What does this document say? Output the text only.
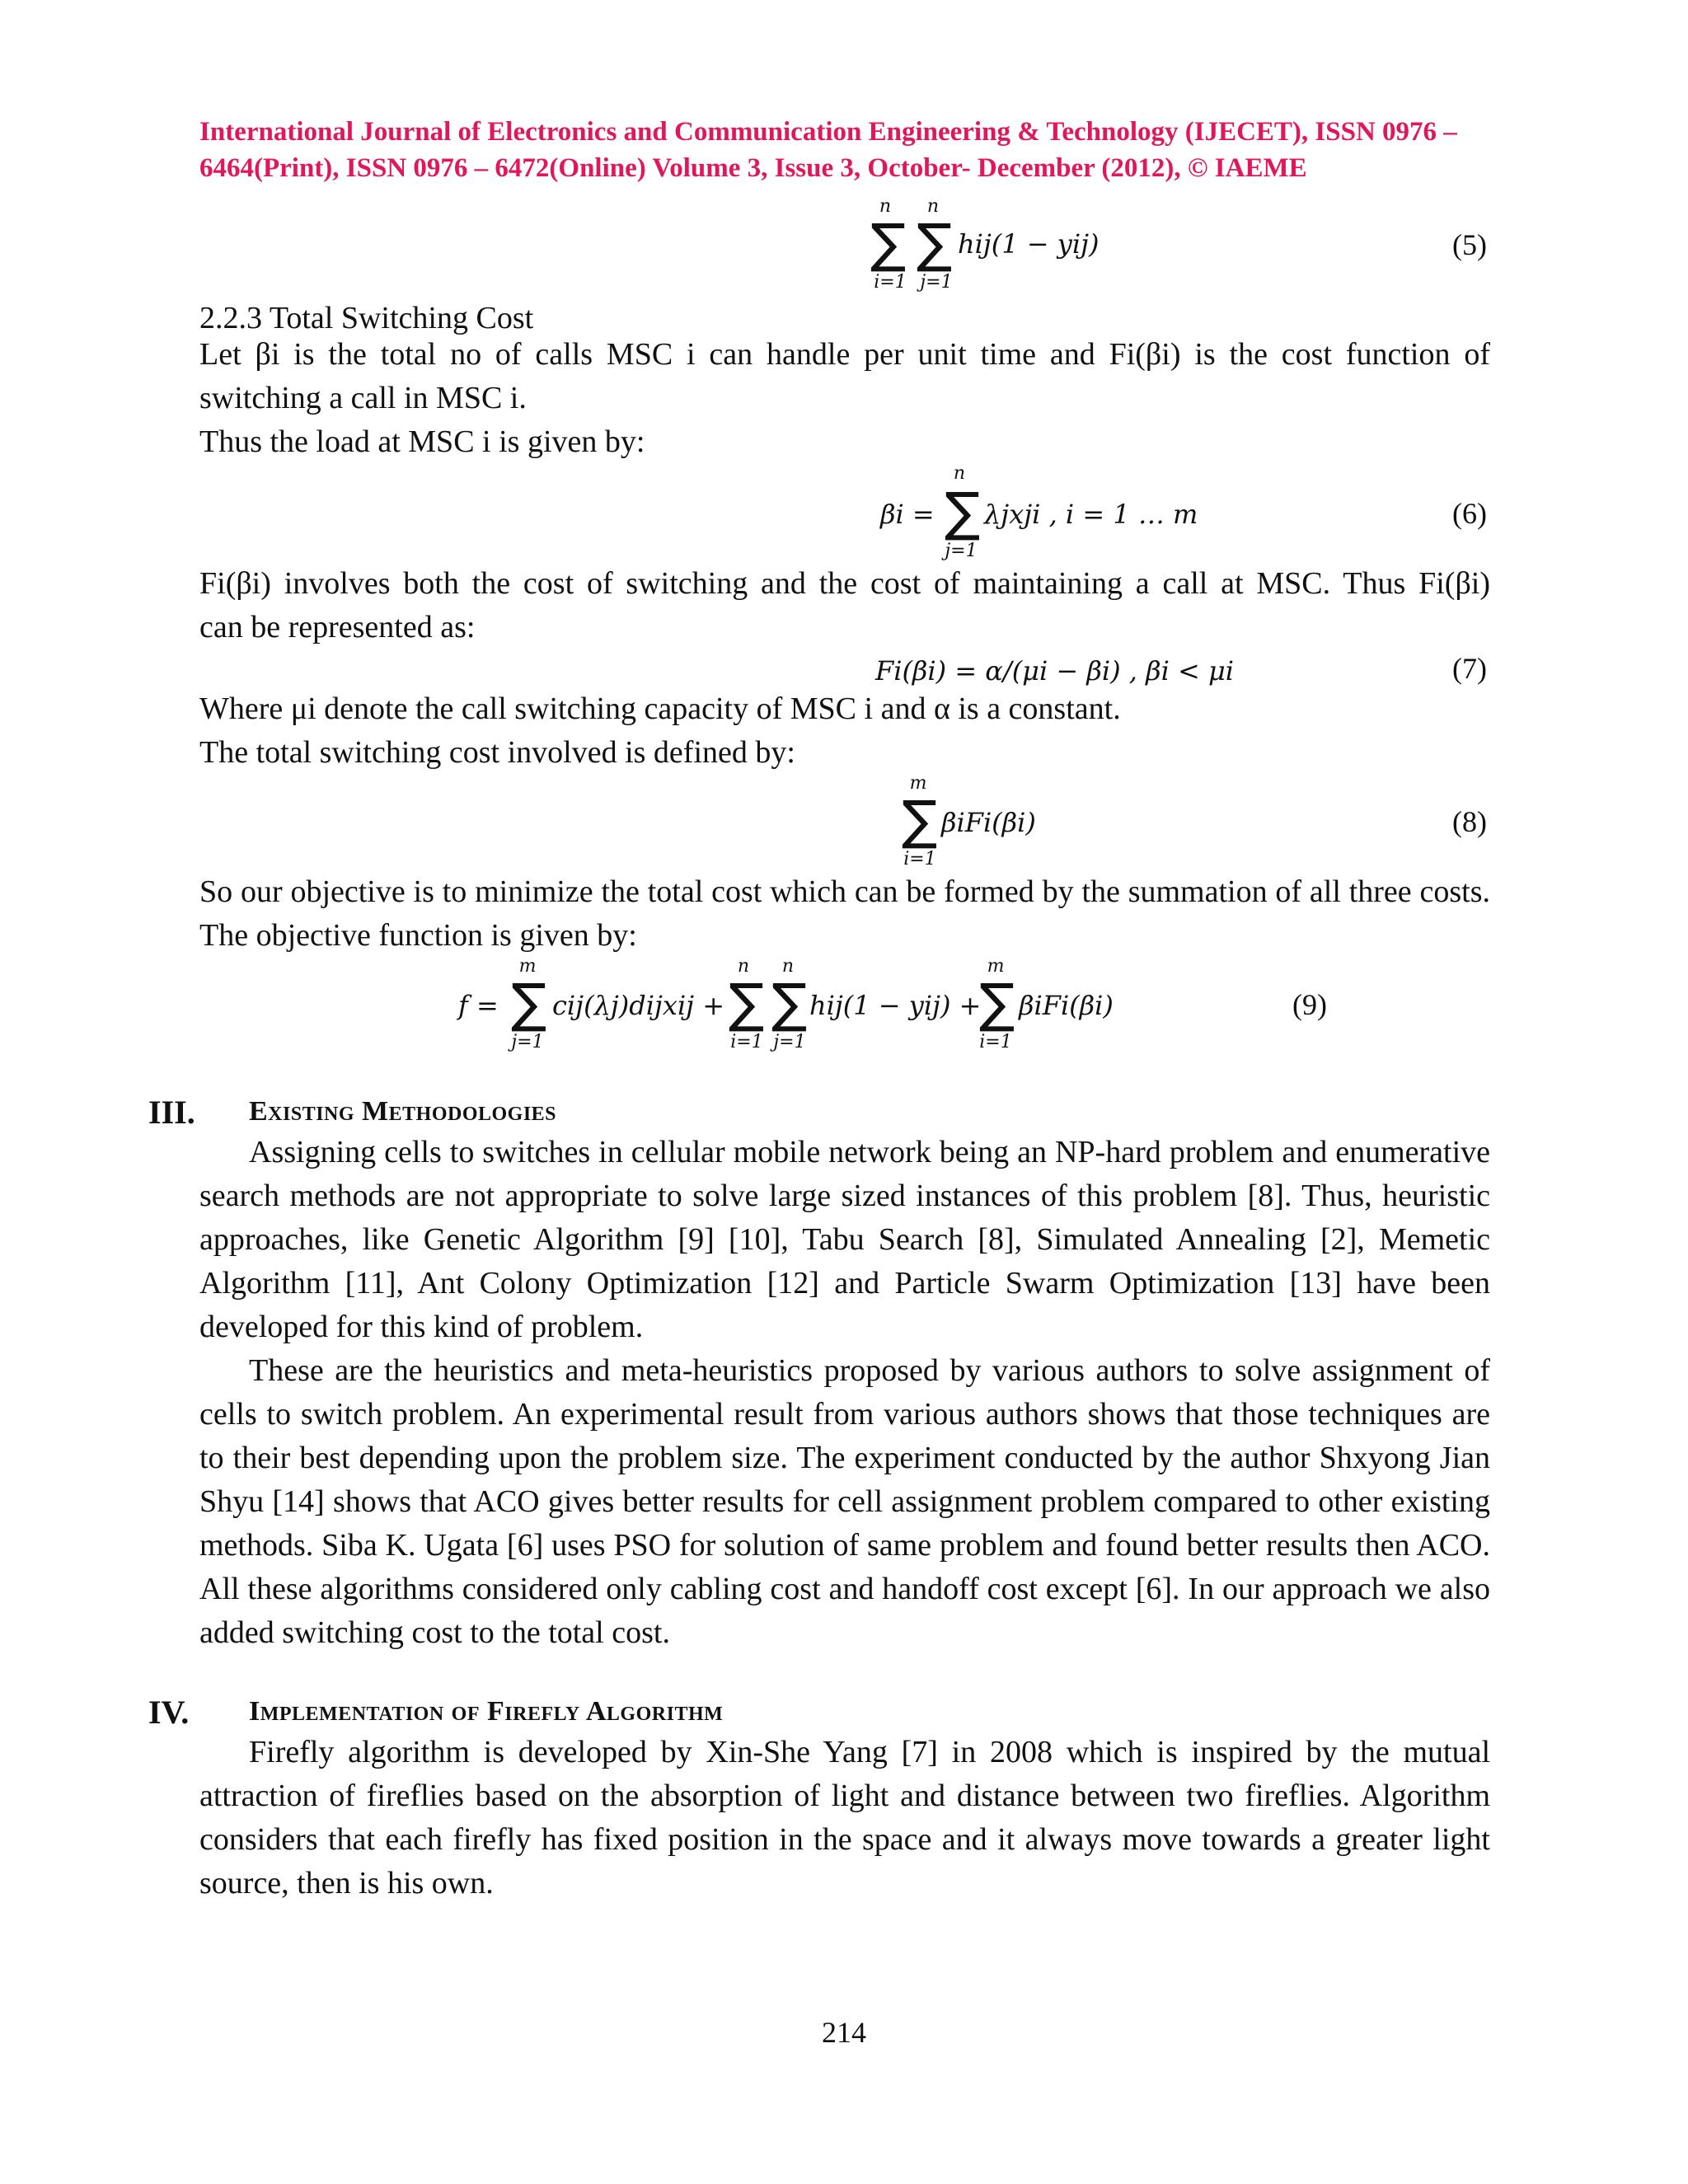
International Journal of Electronics and Communication Engineering & Technology (IJECET), ISSN 0976 –
6464(Print), ISSN 0976 – 6472(Online) Volume 3, Issue 3, October- December (2012), © IAEME
n	n
∑ ∑
i=1 j=1
hij(1 − yij)	(5)
2.2.3 Total Switching Cost
Let βi is the total no of calls MSC i can handle per unit time and Fi(βi) is the cost function of switching a call in MSC i.
Thus the load at MSC i is given by:
n
βi = ∑
j=1
λjxji , i = 1 … m	(6)
Fi(βi) involves both the cost of switching and the cost of maintaining a call at MSC. Thus Fi(βi)
can be represented as:
Fi(βi) = α/(μi − βi) , βi < μi	(7)
Where μi denote the call switching capacity of MSC i and α is a constant.
The total switching cost involved is defined by:
m
∑
i=1
βiFi(βi)	(8)
So our objective is to minimize the total cost which can be formed by the summation of all three costs. The objective function is given by:
f =
m
∑
j=1
cij(λj)dijxij +
n	n
∑ ∑
i=1 j=1
hij(1 − yij) +
m
∑
i=1
βiFi(βi)	(9)
III. Existing Methodologies
Assigning cells to switches in cellular mobile network being an NP-hard problem and enumerative search methods are not appropriate to solve large sized instances of this problem [8]. Thus, heuristic approaches, like Genetic Algorithm [9] [10], Tabu Search [8], Simulated Annealing [2], Memetic Algorithm [11], Ant Colony Optimization [12] and Particle Swarm Optimization [13] have been developed for this kind of problem.
These are the heuristics and meta-heuristics proposed by various authors to solve assignment of cells to switch problem. An experimental result from various authors shows that those techniques are to their best depending upon the problem size. The experiment conducted by the author Shxyong Jian Shyu [14] shows that ACO gives better results for cell assignment problem compared to other existing methods. Siba K. Ugata [6] uses PSO for solution of same problem and found better results then ACO. All these algorithms considered only cabling cost and handoff cost except [6]. In our approach we also added switching cost to the total cost.
IV. Implementation of Firefly Algorithm
Firefly algorithm is developed by Xin-She Yang [7] in 2008 which is inspired by the mutual attraction of fireflies based on the absorption of light and distance between two fireflies. Algorithm considers that each firefly has fixed position in the space and it always move towards a greater light source, then is his own.
214
